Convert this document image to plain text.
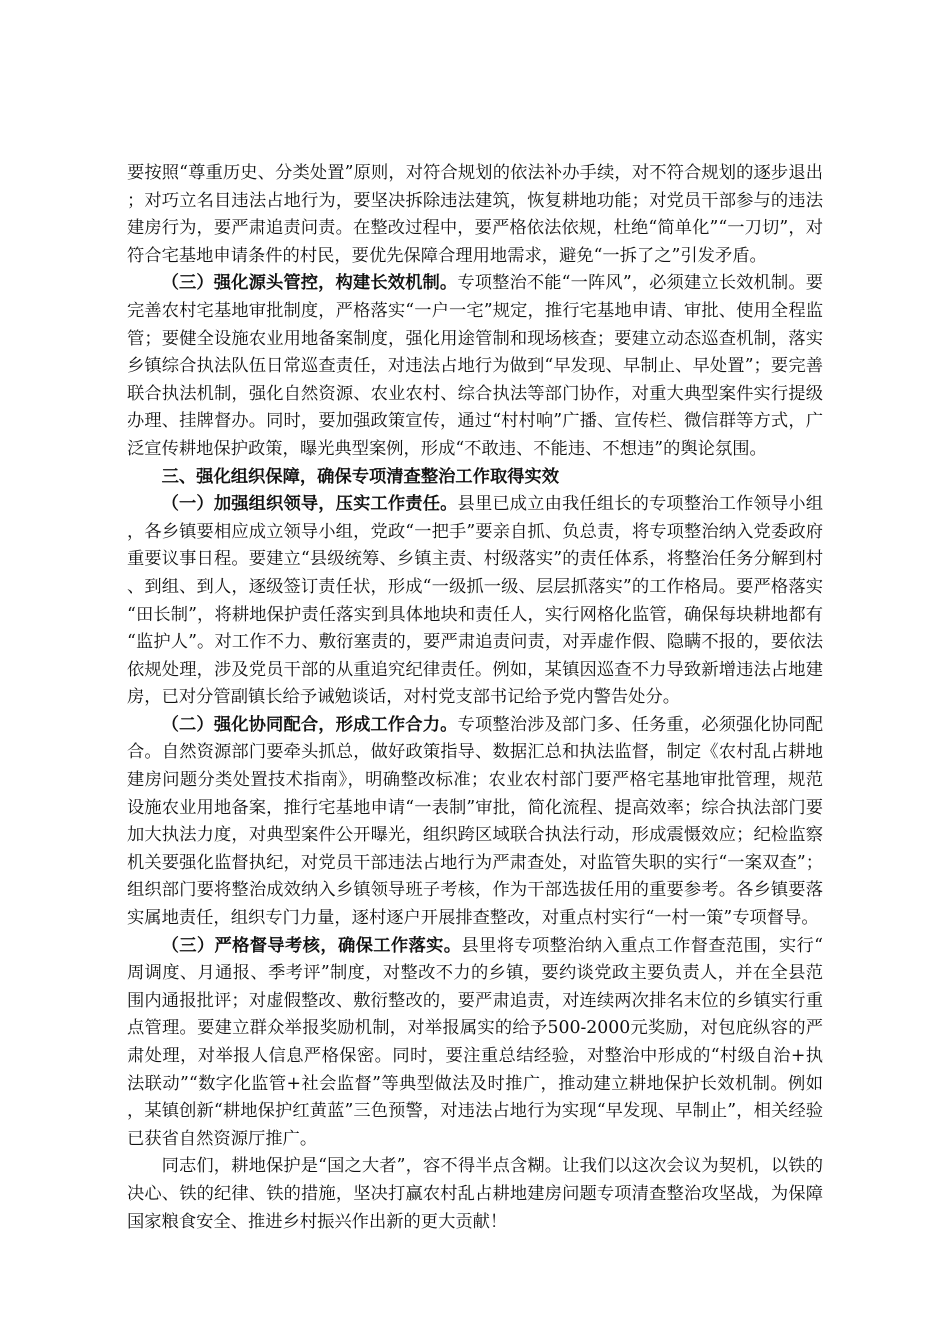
要按照“尊重历史、分类处置”原则，对符合规划的依法补办手续，对不符合规划的逐步退出；对巧立名目违法占地行为，要坚决拆除违法建筑，恢复耕地功能；对党员干部参与的违法建房行为，要严肃追责问责。在整改过程中，要严格依法依规，杜绝“简单化”“一刀切”，对符合宅基地申请条件的村民，要优先保障合理用地需求，避免“一拆了之”引发矛盾。

（三）强化源头管控，构建长效机制。专项整治不能“一阵风”，必须建立长效机制。要完善农村宅基地审批制度，严格落实“一户一宅”规定，推行宅基地申请、审批、使用全程监管；要健全设施农业用地备案制度，强化用途管制和现场核查；要建立动态巡查机制，落实乡镇综合执法队伍日常巡查责任，对违法占地行为做到“早发现、早制止、早处置”；要完善联合执法机制，强化自然资源、农业农村、综合执法等部门协作，对重大典型案件实行提级办理、挂牌督办。同时，要加强政策宣传，通过“村村响”广播、宣传栏、微信群等方式，广泛宣传耕地保护政策，曝光典型案例，形成“不敢违、不能违、不想违”的舆论氛围。

三、强化组织保障，确保专项清查整治工作取得实效

（一）加强组织领导，压实工作责任。县里已成立由我任组长的专项整治工作领导小组，各乡镇要相应成立领导小组，党政“一把手”要亲自抓、负总责，将专项整治纳入党委政府重要议事日程。要建立“县级统筹、乡镇主责、村级落实”的责任体系，将整治任务分解到村、到组、到人，逐级签订责任状，形成“一级抓一级、层层抓落实”的工作格局。要严格落实“田长制”，将耕地保护责任落实到具体地块和责任人，实行网格化监管，确保每块耕地都有“监护人”。对工作不力、敷衍塞责的，要严肃追责问责，对弄虚作假、隐瞒不报的，要依法依规处理，涉及党员干部的从重追究纪律责任。例如，某镇因巡查不力导致新增违法占地建房，已对分管副镇长给予诫勉谈话，对村党支部书记给予党内警告处分。

（二）强化协同配合，形成工作合力。专项整治涉及部门多、任务重，必须强化协同配合。自然资源部门要牵头抓总，做好政策指导、数据汇总和执法监督，制定《农村乱占耕地建房问题分类处置技术指南》，明确整改标准；农业农村部门要严格宅基地审批管理，规范设施农业用地备案，推行宅基地申请“一表制”审批，简化流程、提高效率；综合执法部门要加大执法力度，对典型案件公开曝光，组织跨区域联合执法行动，形成震慑效应；纪检监察机关要强化监督执纪，对党员干部违法占地行为严肃查处，对监管失职的实行“一案双查”；组织部门要将整治成效纳入乡镇领导班子考核，作为干部选拔任用的重要参考。各乡镇要落实属地责任，组织专门力量，逐村逐户开展排查整改，对重点村实行“一村一策”专项督导。

（三）严格督导考核，确保工作落实。县里将专项整治纳入重点工作督查范围，实行“周调度、月通报、季考评”制度，对整改不力的乡镇，要约谈党政主要负责人，并在全县范围内通报批评；对虚假整改、敷衍整改的，要严肃追责，对连续两次排名末位的乡镇实行重点管理。要建立群众举报奖励机制，对举报属实的给予500-2000元奖励，对包庇纵容的严肃处理，对举报人信息严格保密。同时，要注重总结经验，对整治中形成的“村级自治+执法联动”“数字化监管+社会监督”等典型做法及时推广，推动建立耕地保护长效机制。例如，某镇创新“耕地保护红黄蓝”三色预警，对违法占地行为实现“早发现、早制止”，相关经验已获省自然资源厅推广。

同志们，耕地保护是“国之大者”，容不得半点含糊。让我们以这次会议为契机，以铁的决心、铁的纪律、铁的措施，坚决打赢农村乱占耕地建房问题专项清查整治攻坚战，为保障国家粮食安全、推进乡村振兴作出新的更大贡献！
